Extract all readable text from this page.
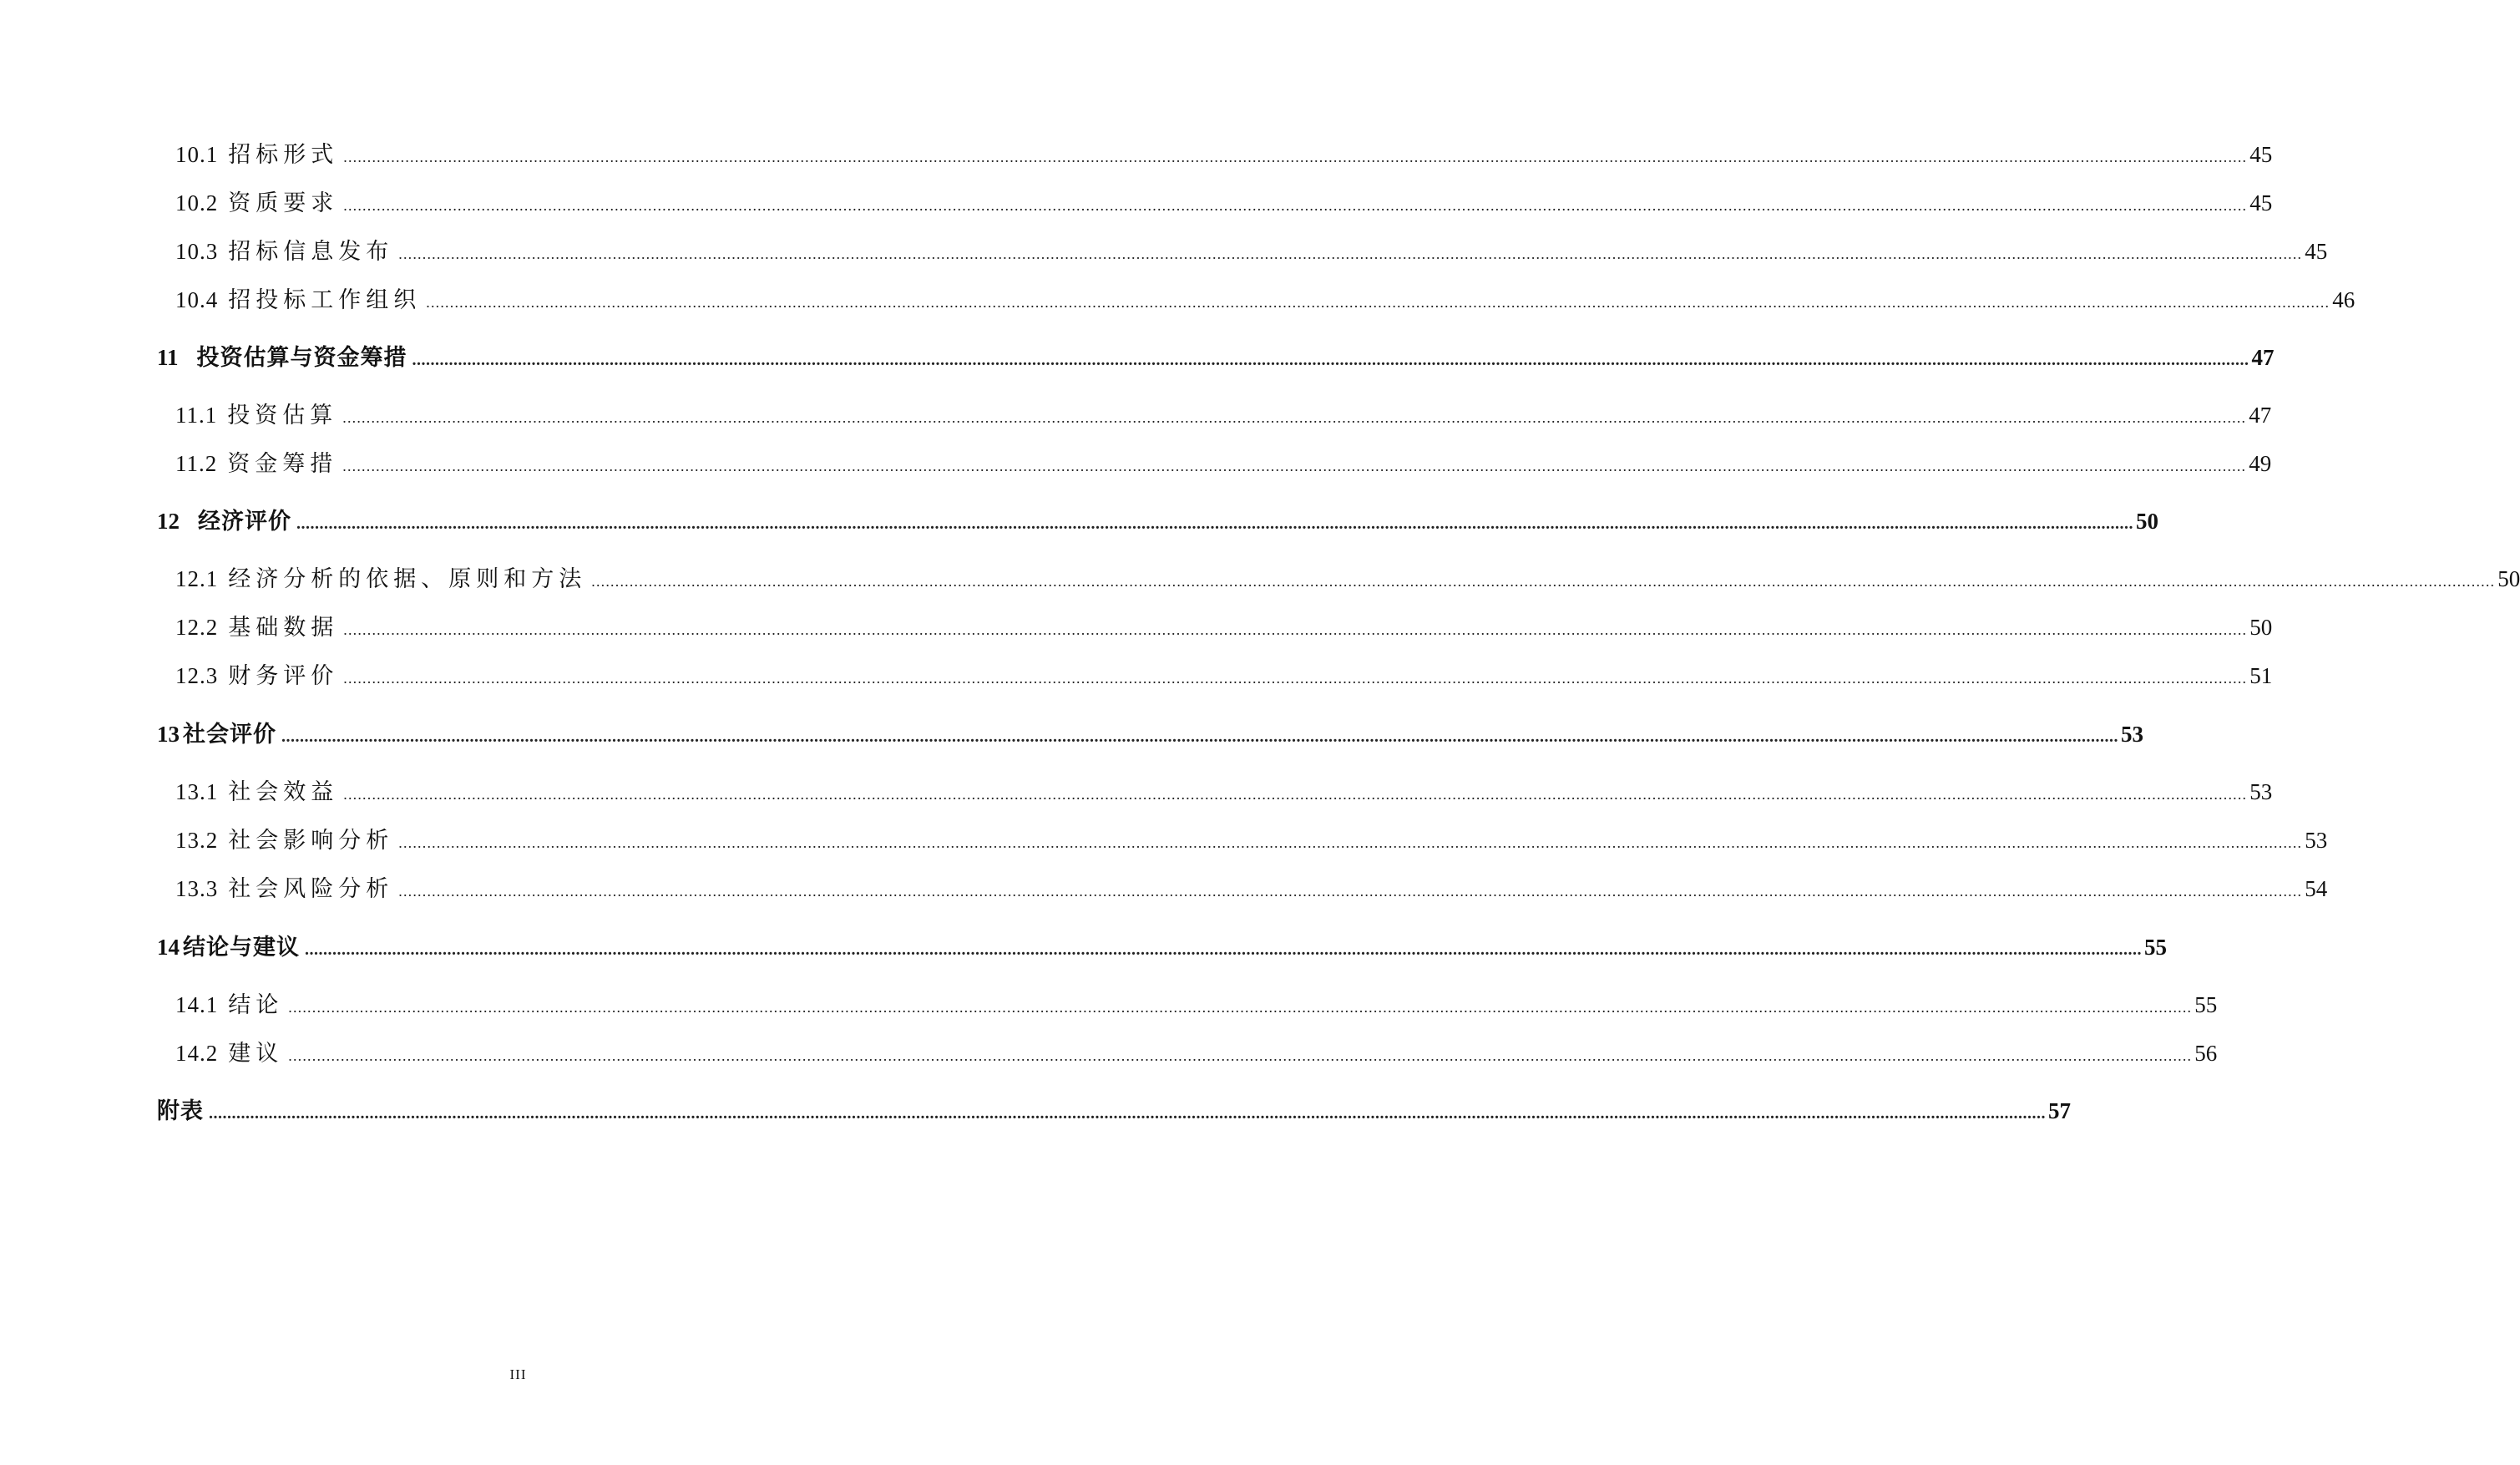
10.1 招标形式 ................................................................................................................................................................................................................................................................................................................................................................................................................ 45
10.2 资质要求 ................................................................................................................................................................................................................................................................................................................................................................................................................ 45
10.3 招标信息发布 ................................................................................................................................................................................................................................................................................................................................................................................................................ 45
10.4 招投标工作组织 ................................................................................................................................................................................................................................................................................................................................................................................................................ 46
11 投资估算与资金筹措 ................................................................................................................................................................................................................................................................................................................................................................................................................ 47
11.1 投资估算 ................................................................................................................................................................................................................................................................................................................................................................................................................ 47
11.2 资金筹措 ................................................................................................................................................................................................................................................................................................................................................................................................................ 49
12 经济评价 ................................................................................................................................................................................................................................................................................................................................................................................................................ 50
12.1 经济分析的依据、原则和方法 ................................................................................................................................................................................................................................................................................................................................................................................................................ 50
12.2 基础数据 ................................................................................................................................................................................................................................................................................................................................................................................................................ 50
12.3 财务评价 ................................................................................................................................................................................................................................................................................................................................................................................................................ 51
13 社会评价 ................................................................................................................................................................................................................................................................................................................................................................................................................ 53
13.1 社会效益 ................................................................................................................................................................................................................................................................................................................................................................................................................ 53
13.2 社会影响分析 ................................................................................................................................................................................................................................................................................................................................................................................................................ 53
13.3 社会风险分析 ................................................................................................................................................................................................................................................................................................................................................................................................................ 54
14 结论与建议 ................................................................................................................................................................................................................................................................................................................................................................................................................ 55
14.1 结论 ................................................................................................................................................................................................................................................................................................................................................................................................................ 55
14.2 建议 ................................................................................................................................................................................................................................................................................................................................................................................................................ 56
附表 ................................................................................................................................................................................................................................................................................................................................................................................................................ 57
III
